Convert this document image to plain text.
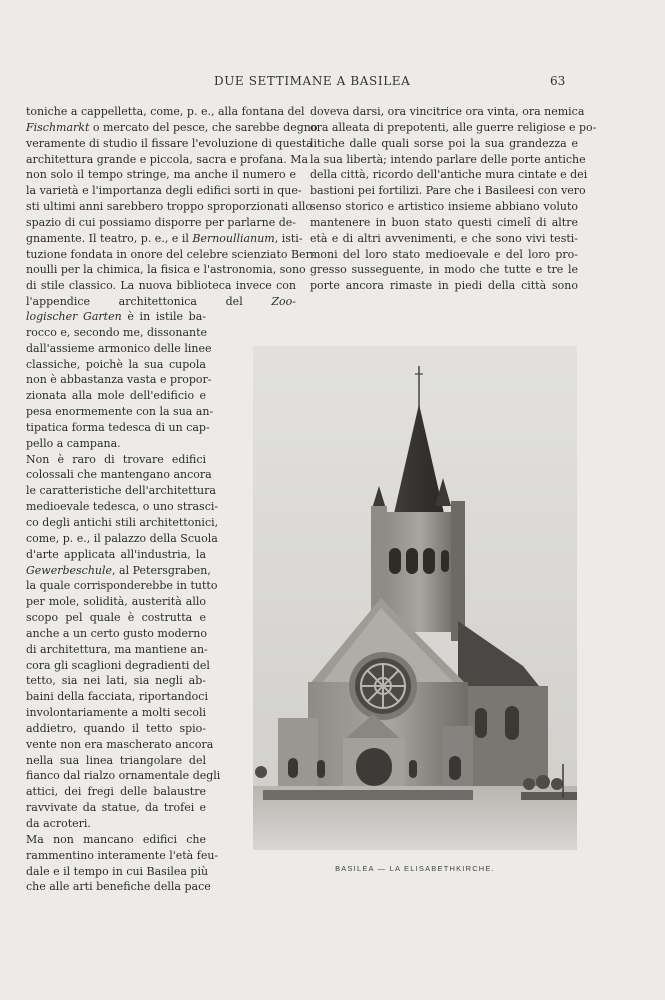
DUE SETTIMANE A BASILEA	63
toniche a cappelletta, come, p. e., alla fontana del
Fischmarkt o mercato del pesce, che sarebbe degno
veramente di studio il fissare l'evoluzione di questa
architettura grande e piccola, sacra e profana. Ma
non solo il tempo stringe, ma anche il numero e
la varietà e l'importanza degli edifici sorti in que-
sti ultimi anni sarebbero troppo sproporzionati allo
spazio di cui possiamo disporre per parlarne de-
gnamente. Il teatro, p. e., e il Bernoullianum, isti-
tuzione fondata in onore del celebre scienziato Ber-
noulli per la chimica, la fisica e l'astronomia, sono
di stile classico. La nuova biblioteca invece con
l'appendice architettonica del Zoo-
logischer Garten è in istile ba-
rocco e, secondo me, dissonante
dall'assieme armonico delle linee
classiche, poichè la sua cupola
non è abbastanza vasta e propor-
zionata alla mole dell'edificio e
pesa enormemente con la sua an-
tipatica forma tedesca di un cap-
pello a campana.
Non è raro di trovare edifici
colossali che mantengano ancora
le caratteristiche dell'architettura
medioevale tedesca, o uno strasci-
co degli antichi stili architettonici,
come, p. e., il palazzo della Scuola
d'arte applicata all'industria, la
Gewerbeschule, al Petersgraben,
la quale corrisponderebbe in tutto
per mole, solidità, austerità allo
scopo pel quale è costrutta e
anche a un certo gusto moderno
di architettura, ma mantiene an-
cora gli scaglioni degradienti del
tetto, sia nei lati, sia negli ab-
baini della facciata, riportandoci
involontariamente a molti secoli
addietro, quando il tetto spio-
vente non era mascherato ancora
nella sua linea triangolare del
fianco dal rialzo ornamentale degli
attici, dei fregi delle balaustre
ravvivate da statue, da trofei e
da acroteri.
Ma non mancano edifici che
rammentino interamente l'età feu-
dale e il tempo in cui Basilea più
che alle arti benefiche della pace
doveva darsi, ora vincitrice ora vinta, ora nemica
ora alleata di prepotenti, alle guerre religiose e po-
litiche dalle quali sorse poi la sua grandezza e
la sua libertà; intendo parlare delle porte antiche
della città, ricordo dell'antiche mura cintate e dei
bastioni pei fortilizi. Pare che i Basileesi con vero
senso storico e artistico insieme abbiano voluto
mantenere in buon stato questi cimelî di altre
età e di altri avvenimenti, e che sono vivi testi-
moni del loro stato medioevale e del loro pro-
gresso susseguente, in modo che tutte e tre le
porte ancora rimaste in piedi della città sono
BASILEA — LA ELISABETHKIRCHE.
